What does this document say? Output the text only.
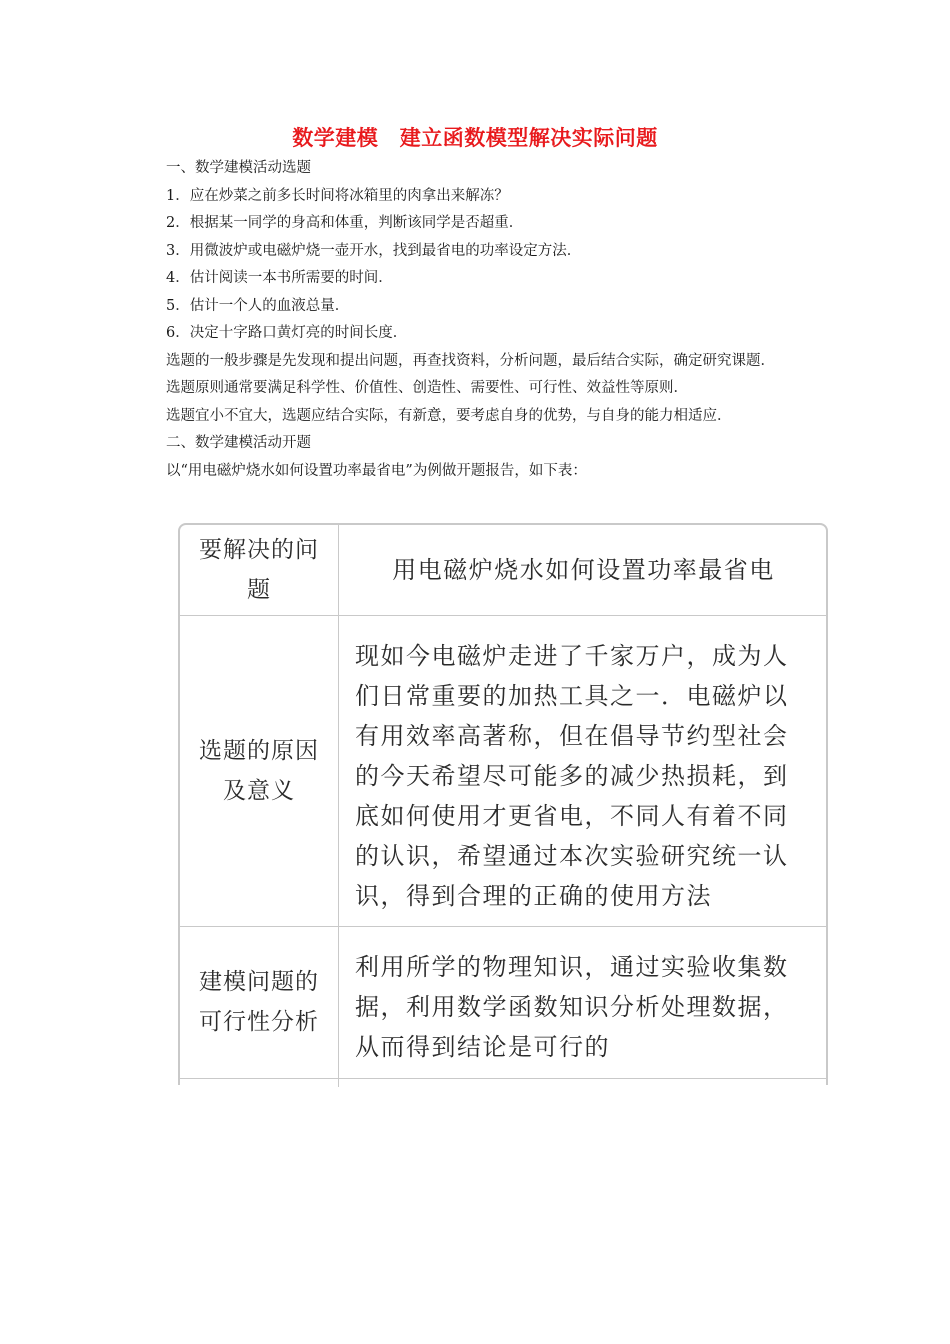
数学建模　建立函数模型解决实际问题

一、数学建模活动选题

1．应在炒菜之前多长时间将冰箱里的肉拿出来解冻？

2．根据某一同学的身高和体重，判断该同学是否超重．

3．用微波炉或电磁炉烧一壶开水，找到最省电的功率设定方法．

4．估计阅读一本书所需要的时间．

5．估计一个人的血液总量．

6．决定十字路口黄灯亮的时间长度．

选题的一般步骤是先发现和提出问题，再查找资料，分析问题，最后结合实际，确定研究课题．

选题原则通常要满足科学性、价值性、创造性、需要性、可行性、效益性等原则．

选题宜小不宜大，选题应结合实际，有新意，要考虑自身的优势，与自身的能力相适应．

二、数学建模活动开题

以“用电磁炉烧水如何设置功率最省电”为例做开题报告，如下表：

要解决的问题	用电磁炉烧水如何设置功率最省电
选题的原因及意义	现如今电磁炉走进了千家万户，成为人们日常重要的加热工具之一．电磁炉以有用效率高著称，但在倡导节约型社会的今天希望尽可能多的减少热损耗，到底如何使用才更省电，不同人有着不同的认识，希望通过本次实验研究统一认识，得到合理的正确的使用方法
建模问题的可行性分析	利用所学的物理知识，通过实验收集数据，利用数学函数知识分析处理数据，从而得到结论是可行的
